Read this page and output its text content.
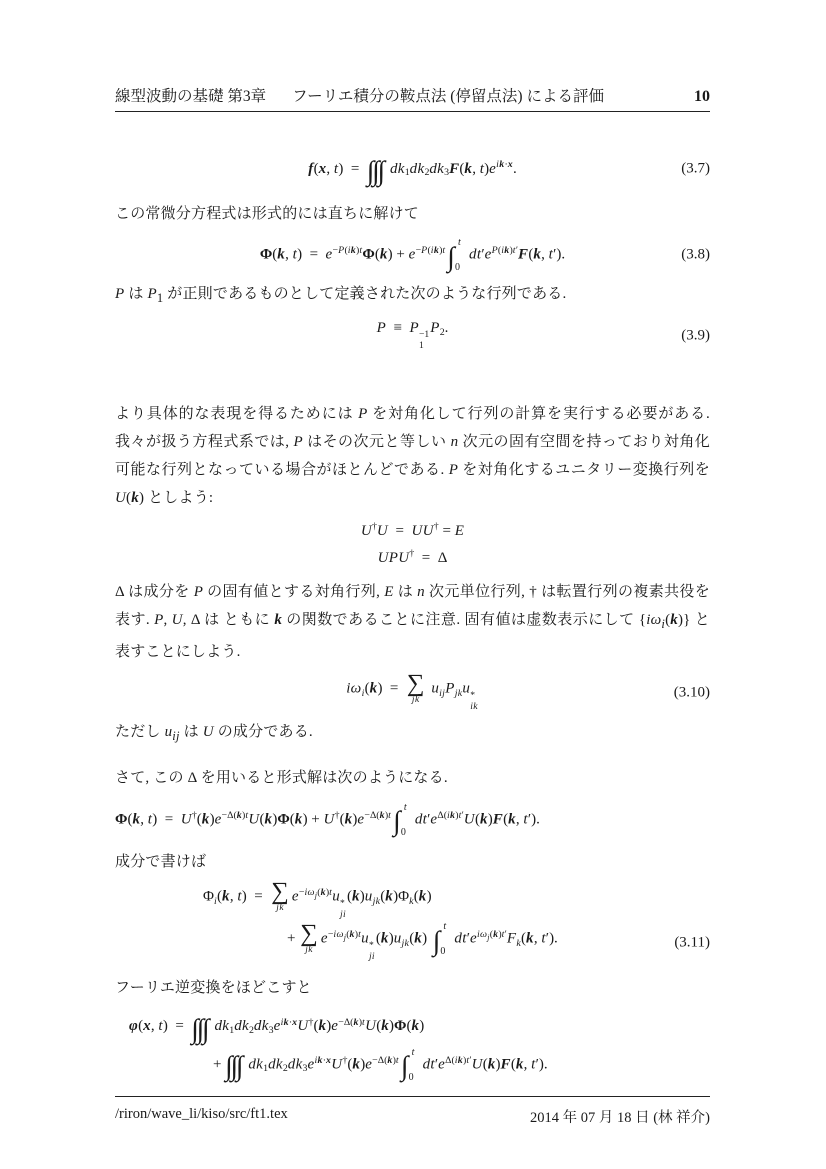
線型波動の基礎 第3章 フーリエ積分の鞍点法 (停留点法) による評価	10
f(x, t)  =  ∫∫∫ $dk_1dk_2dk_3F(k$, $t)e^{ik\cdot x}$.	(3.7)
この常微分方程式は形式的には直ちに解けて
Φ(k, $t) = e^{-P(ik)t}\Phi(k) + e^{-P(ik)t}\int$ t
0
$dt'e^{P(ik)t'}F(k$, t′).	(3.8)
P は $P_1$ が正則であるものとして定義された次のような行列である.
P  ≡  P −1
1
$P_2$.	(3.9)
より具体的な表現を得るためには P を対角化して行列の計算を実行する必要がある. 我々が扱う方程式系では, P はその次元と等しい n 次元の固有空間を持っており対角化可能な行列となっている場合がほとんどである. P を対角化するユニタリー変換行列を U(k) としよう:
U†U  =  UU† = E
UPU†  =  Δ
Δ は成分を P の固有値とする対角行列, E は n 次元単位行列, † は転置行列の複素共役を表す. P, U, Δ は ともに k の関数であることに注意. 固有値は虚数表示にして $\{i\omega_i(k)\}$ と表すことにしよう.
$i\omega_i(k)$  = ∑
jk
$u_{ij}P_{jk}u$ *
ik
(3.10)
ただし $u_{ij}$ は U の成分である.
さて, この Δ を用いると形式解は次のようになる.
Φ(k, $t) = U^\dagger(k)e^{-\Delta(k)t}U(k)\Phi(k) + U^\dagger(k)e^{-\Delta(k)t}\int$ t
0
$dt'e^{\Delta(ik)t'}U(k)F(k$, t′).
成分で書けば
$\Phi_i(k$, t)  = ∑
jk
$e^{-i\omega_j(k)t}u$ *
ji
$(k)u_{jk}(k)\Phi_k(k)$
+ ∑
jk
$e^{-i\omega_j(k)t}u$ *
ji
$(k)u_{jk}(k)$ ∫ t
0
$dt'e^{i\omega_j(k)t'}F_k(k$, t′).	(3.11)
フーリエ逆変換をほどこすと
φ(x, t)  =  ∫∫∫ $dk_1dk_2dk_3e^{ik\cdot x}U^\dagger(k)e^{-\Delta(k)t}U(k)\Phi(k)$
+ ∫∫∫ $dk_1dk_2dk_3e^{ik\cdot x}U^\dagger(k)e^{-\Delta(k)t}\int$ t
0
$dt'e^{\Delta(ik)t'}U(k)F(k$, t′).
/riron/wave_li/kiso/src/ft1.tex	2014 年 07 月 18 日 (林 祥介)
